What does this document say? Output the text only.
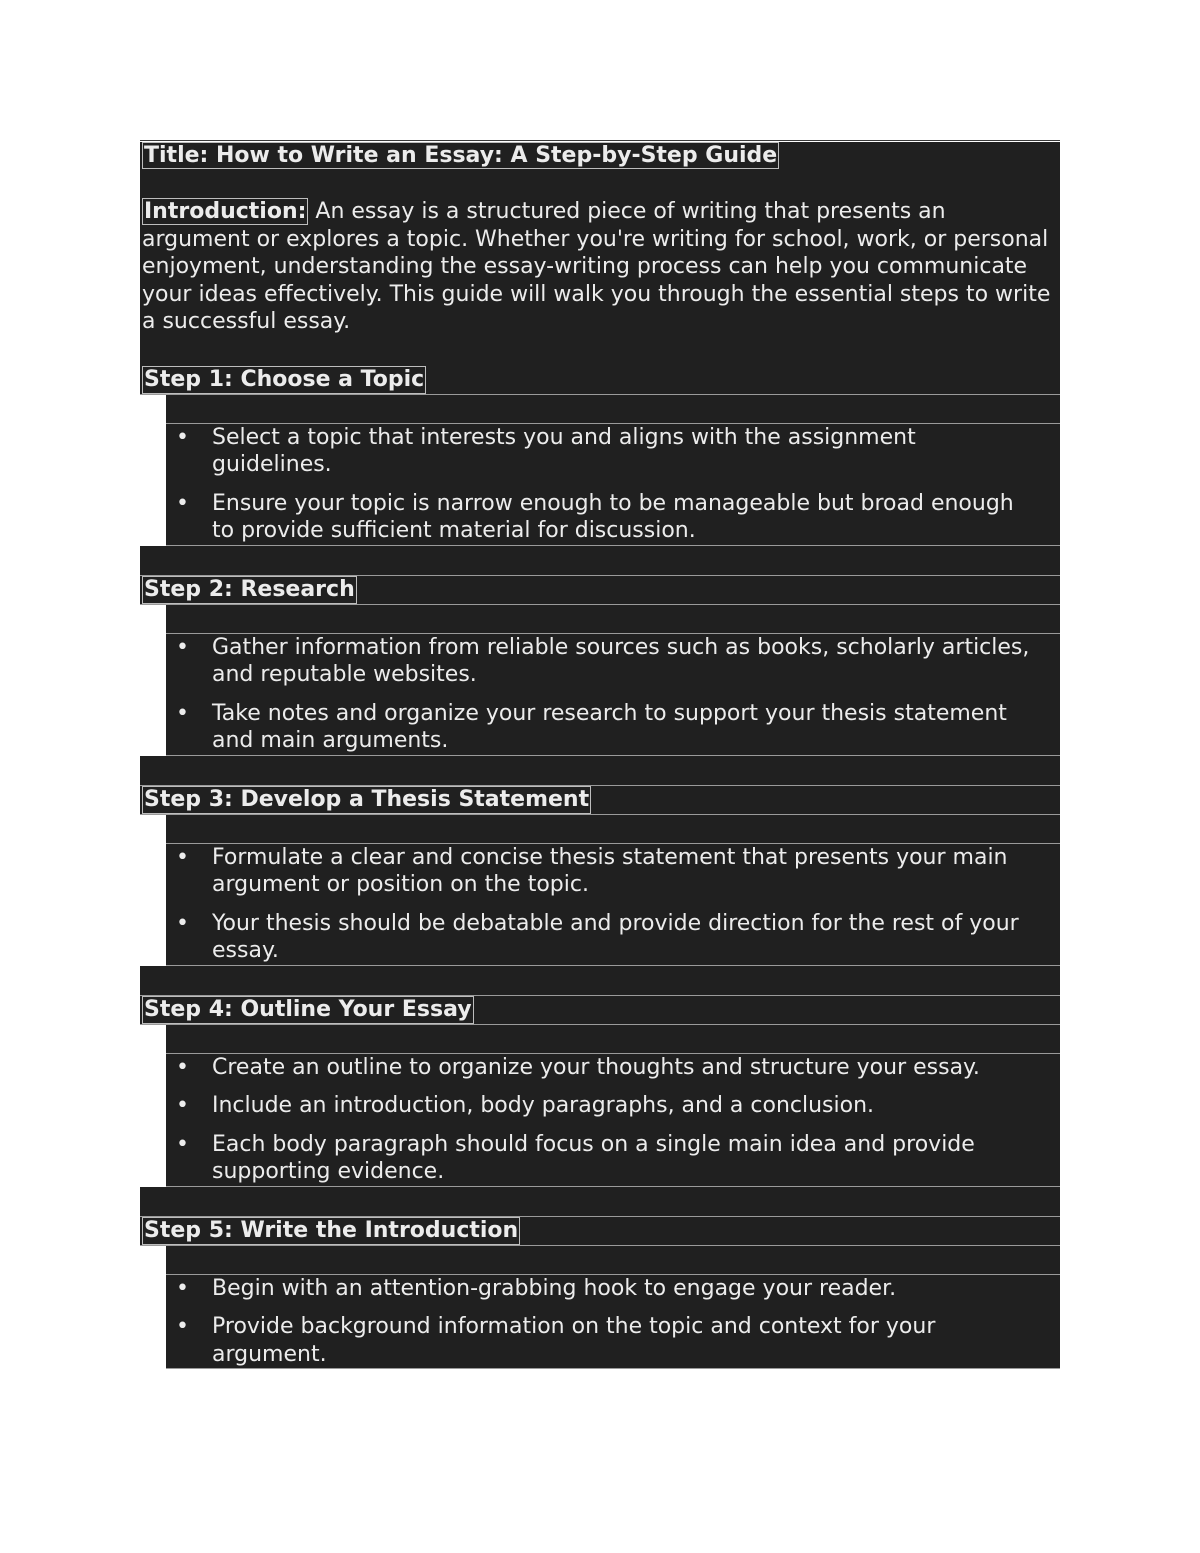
Title: How to Write an Essay: A Step-by-Step Guide
Introduction: An essay is a structured piece of writing that presents an argument or explores a topic. Whether you're writing for school, work, or personal enjoyment, understanding the essay-writing process can help you communicate your ideas effectively. This guide will walk you through the essential steps to write a successful essay.
Step 1: Choose a Topic
• Select a topic that interests you and aligns with the assignment guidelines.
• Ensure your topic is narrow enough to be manageable but broad enough to provide sufficient material for discussion.
Step 2: Research
• Gather information from reliable sources such as books, scholarly articles, and reputable websites.
• Take notes and organize your research to support your thesis statement and main arguments.
Step 3: Develop a Thesis Statement
• Formulate a clear and concise thesis statement that presents your main argument or position on the topic.
• Your thesis should be debatable and provide direction for the rest of your essay.
Step 4: Outline Your Essay
• Create an outline to organize your thoughts and structure your essay.
• Include an introduction, body paragraphs, and a conclusion.
• Each body paragraph should focus on a single main idea and provide supporting evidence.
Step 5: Write the Introduction
• Begin with an attention-grabbing hook to engage your reader.
• Provide background information on the topic and context for your argument.
